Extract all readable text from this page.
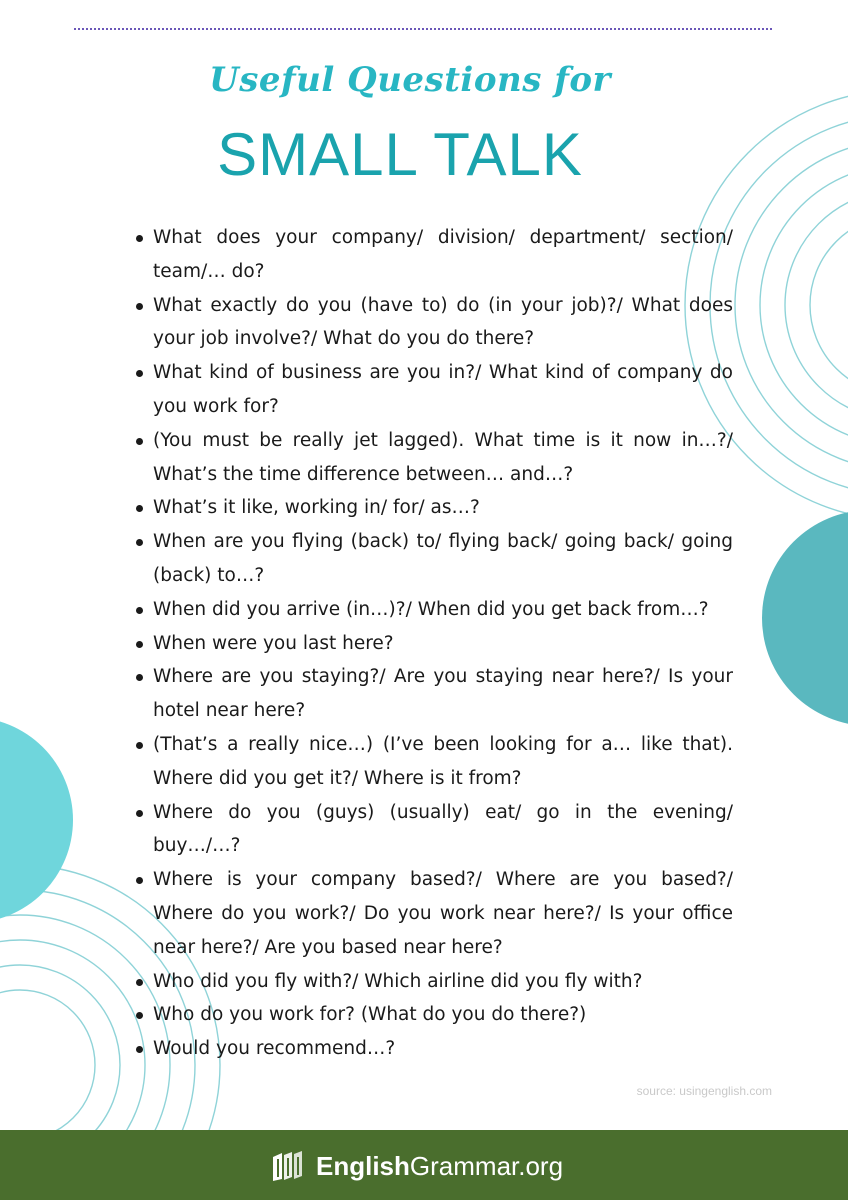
Useful Questions for
SMALL TALK
What does your company/ division/ department/ section/ team/… do?
What exactly do you (have to) do (in your job)?/ What does your job involve?/ What do you do there?
What kind of business are you in?/ What kind of company do you work for?
(You must be really jet lagged). What time is it now in…?/ What’s the time difference between… and…?
What’s it like, working in/ for/ as…?
When are you flying (back) to/ flying back/ going back/ going (back) to…?
When did you arrive (in…)?/ When did you get back from…?
When were you last here?
Where are you staying?/ Are you staying near here?/ Is your hotel near here?
(That’s a really nice…) (I’ve been looking for a… like that). Where did you get it?/ Where is it from?
Where do you (guys) (usually) eat/ go in the evening/ buy…/…?
Where is your company based?/ Where are you based?/ Where do you work?/ Do you work near here?/ Is your office near here?/ Are you based near here?
Who did you fly with?/ Which airline did you fly with?
Who do you work for? (What do you do there?)
Would you recommend…?
source: usingenglish.com
English Grammar.org
